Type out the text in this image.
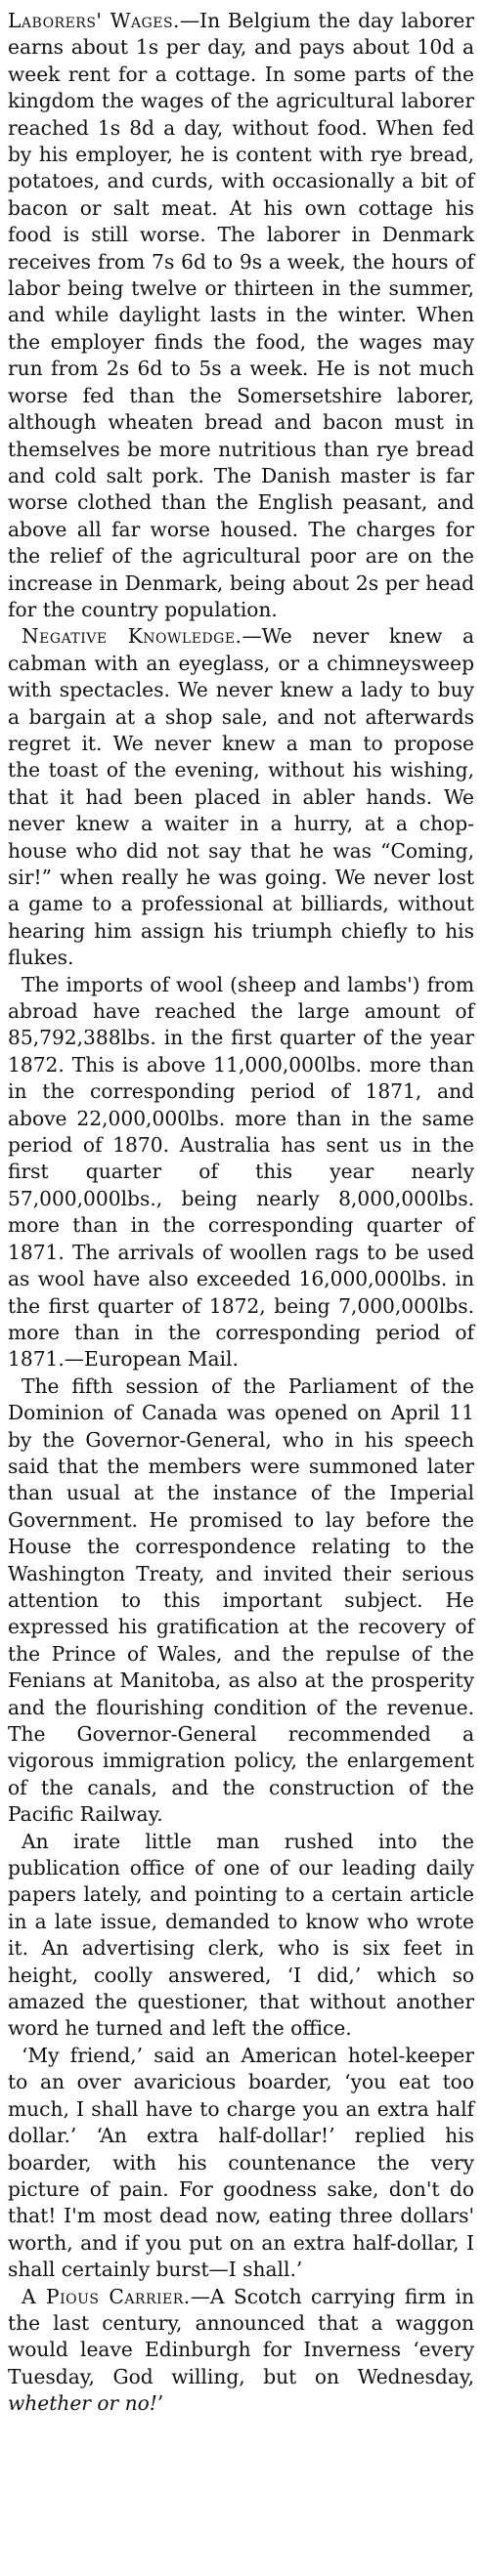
Laborers' Wages.—In Belgium the day laborer earns about 1s per day, and pays about 10d a week rent for a cottage. In some parts of the kingdom the wages of the agricultural laborer reached 1s 8d a day, without food. When fed by his employer, he is content with rye bread, potatoes, and curds, with occasionally a bit of bacon or salt meat. At his own cottage his food is still worse. The laborer in Denmark receives from 7s 6d to 9s a week, the hours of labor being twelve or thirteen in the summer, and while daylight lasts in the winter. When the employer finds the food, the wages may run from 2s 6d to 5s a week. He is not much worse fed than the Somersetshire laborer, although wheaten bread and bacon must in themselves be more nutritious than rye bread and cold salt pork. The Danish master is far worse clothed than the English peasant, and above all far worse housed. The charges for the relief of the agricultural poor are on the increase in Denmark, being about 2s per head for the country population.

Negative Knowledge.—We never knew a cabman with an eyeglass, or a chimneysweep with spectacles. We never knew a lady to buy a bargain at a shop sale, and not afterwards regret it. We never knew a man to propose the toast of the evening, without his wishing, that it had been placed in abler hands. We never knew a waiter in a hurry, at a chop-house who did not say that he was “Coming, sir!” when really he was going. We never lost a game to a professional at billiards, without hearing him assign his triumph chiefly to his flukes.

The imports of wool (sheep and lambs') from abroad have reached the large amount of 85,792,388lbs. in the first quarter of the year 1872. This is above 11,000,000lbs. more than in the corresponding period of 1871, and above 22,000,000lbs. more than in the same period of 1870. Australia has sent us in the first quarter of this year nearly 57,000,000lbs., being nearly 8,000,000lbs. more than in the corresponding quarter of 1871. The arrivals of woollen rags to be used as wool have also exceeded 16,000,000lbs. in the first quarter of 1872, being 7,000,000lbs. more than in the corresponding period of 1871.—European Mail.

The fifth session of the Parliament of the Dominion of Canada was opened on April 11 by the Governor-General, who in his speech said that the members were summoned later than usual at the instance of the Imperial Government. He promised to lay before the House the correspondence relating to the Washington Treaty, and invited their serious attention to this important subject. He expressed his gratification at the recovery of the Prince of Wales, and the repulse of the Fenians at Manitoba, as also at the prosperity and the flourishing condition of the revenue. The Governor-General recommended a vigorous immigration policy, the enlargement of the canals, and the construction of the Pacific Railway.

An irate little man rushed into the publication office of one of our leading daily papers lately, and pointing to a certain article in a late issue, demanded to know who wrote it. An advertising clerk, who is six feet in height, coolly answered, ‘I did,’ which so amazed the questioner, that without another word he turned and left the office.

‘My friend,’ said an American hotel-keeper to an over avaricious boarder, ‘you eat too much, I shall have to charge you an extra half dollar.’ ‘An extra half-dollar!’ replied his boarder, with his countenance the very picture of pain. For goodness sake, don't do that! I'm most dead now, eating three dollars' worth, and if you put on an extra half-dollar, I shall certainly burst—I shall.’

A Pious Carrier.—A Scotch carrying firm in the last century, announced that a waggon would leave Edinburgh for Inverness ‘every Tuesday, God willing, but on Wednesday, whether or no!’
